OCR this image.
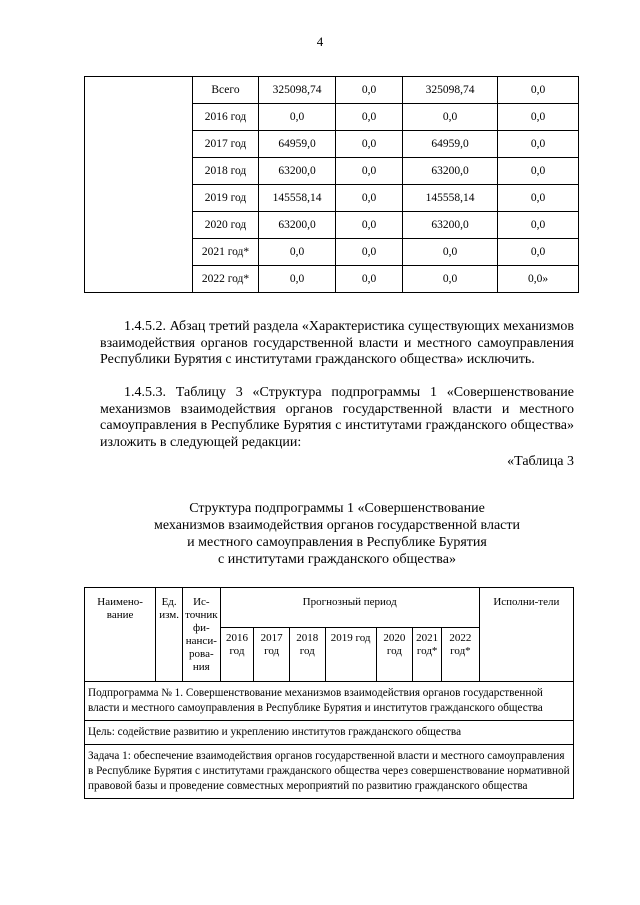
4
	Всего	325098,74	0,0	325098,74	0,0
	2016 год	0,0	0,0	0,0	0,0
	2017 год	64959,0	0,0	64959,0	0,0
	2018 год	63200,0	0,0	63200,0	0,0
	2019 год	145558,14	0,0	145558,14	0,0
	2020 год	63200,0	0,0	63200,0	0,0
	2021 год*	0,0	0,0	0,0	0,0
	2022 год*	0,0	0,0	0,0	0,0»
1.4.5.2. Абзац третий раздела «Характеристика существующих механизмов взаимодействия органов государственной власти и местного самоуправления Республики Бурятия с институтами гражданского общества» исключить.
1.4.5.3. Таблицу 3 «Структура подпрограммы 1 «Совершенствование механизмов взаимодействия органов государственной власти и местного самоуправления в Республике Бурятия с институтами гражданского общества» изложить в следующей редакции:
«Таблица 3
Структура подпрограммы 1 «Совершенствование
механизмов взаимодействия органов государственной власти
и местного самоуправления в Республике Бурятия
с институтами гражданского общества»
Наимено-вание	Ед. изм.	Ис-точник фи-нанси-рова-ния	Прогнозный период							Исполни-тели
			2016 год	2017 год	2018 год	2019 год	2020 год	2021 год*	2022 год*	
Подпрограмма № 1. Совершенствование механизмов взаимодействия органов государственной власти и местного самоуправления в Республике Бурятия и институтов гражданского общества										
Цель: содействие развитию и укреплению институтов гражданского общества										
Задача 1: обеспечение взаимодействия органов государственной власти и местного самоуправления в Республике Бурятия с институтами гражданского общества через совершенствование нормативной правовой базы и проведение совместных мероприятий по развитию гражданского общества										
